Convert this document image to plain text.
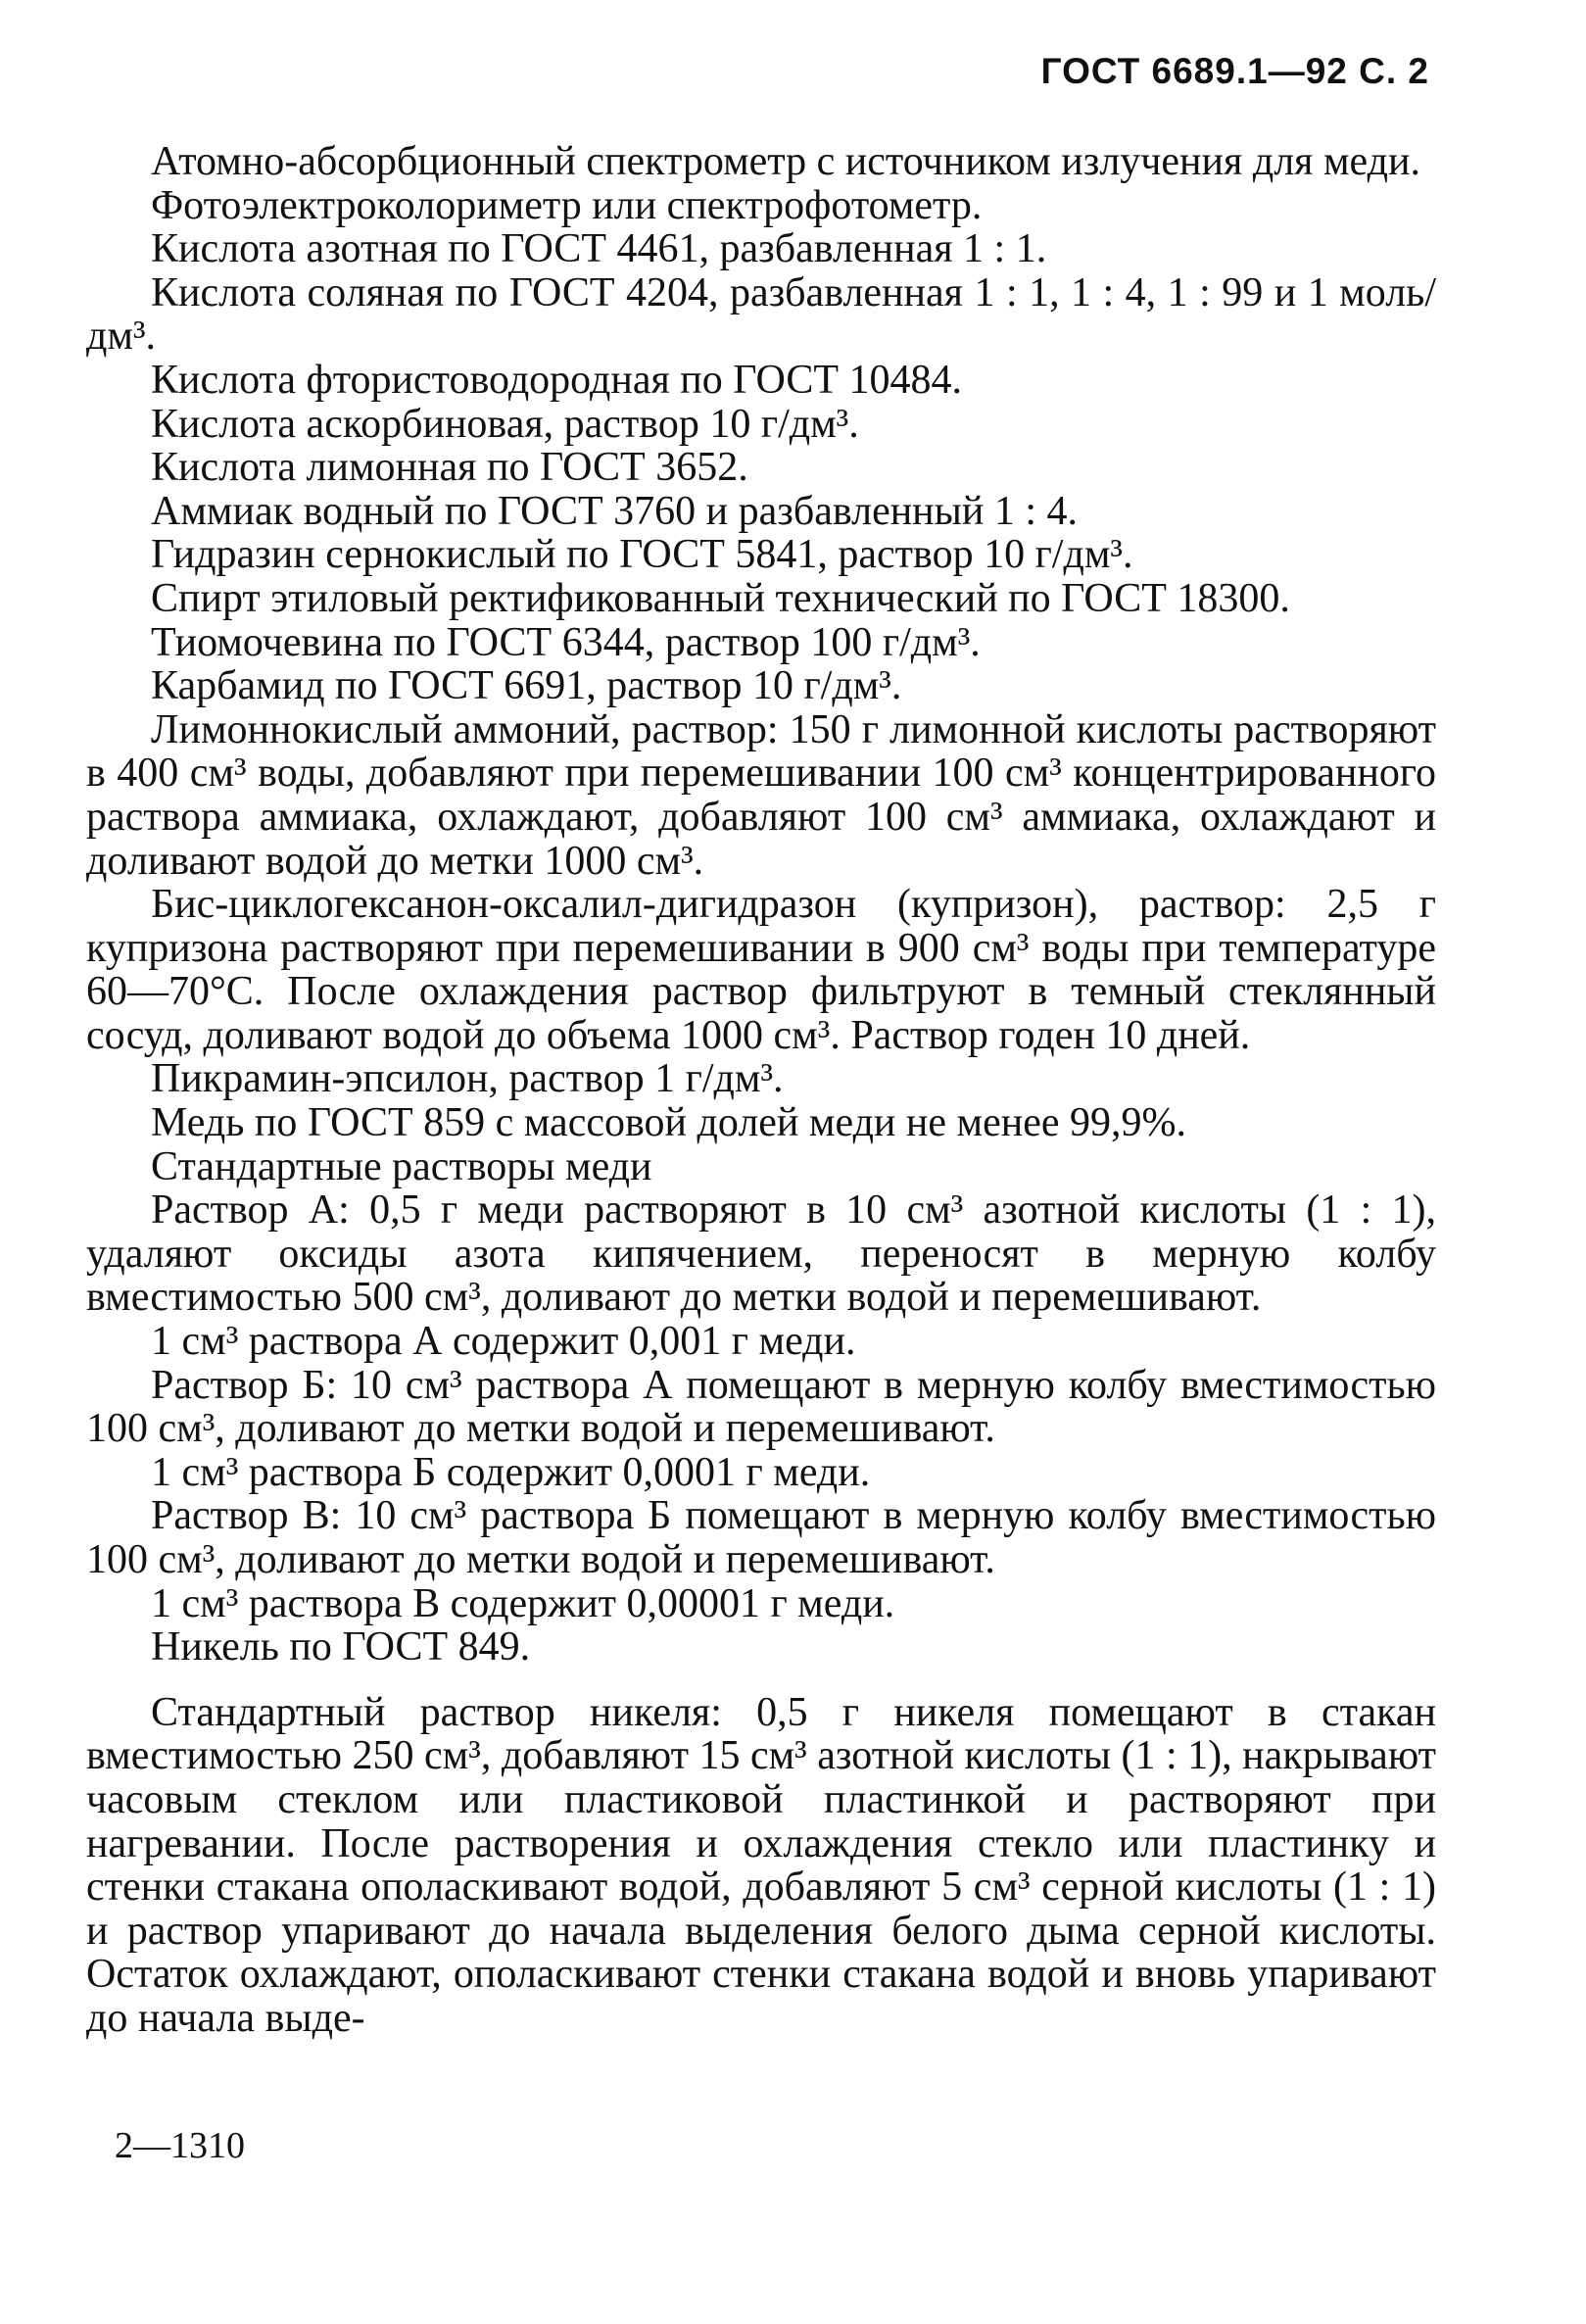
ГОСТ 6689.1—92 С. 2

Атомно-абсорбционный спектрометр с источником излучения для меди.

Фотоэлектроколориметр или спектрофотометр.

Кислота азотная по ГОСТ 4461, разбавленная 1 : 1.

Кислота соляная по ГОСТ 4204, разбавленная 1 : 1, 1 : 4, 1 : 99 и 1 моль/дм³.

Кислота фтористоводородная по ГОСТ 10484.

Кислота аскорбиновая, раствор 10 г/дм³.

Кислота лимонная по ГОСТ 3652.

Аммиак водный по ГОСТ 3760 и разбавленный 1 : 4.

Гидразин сернокислый по ГОСТ 5841, раствор 10 г/дм³.

Спирт этиловый ректификованный технический по ГОСТ 18300.

Тиомочевина по ГОСТ 6344, раствор 100 г/дм³.

Карбамид по ГОСТ 6691, раствор 10 г/дм³.

Лимоннокислый аммоний, раствор: 150 г лимонной кислоты растворяют в 400 см³ воды, добавляют при перемешивании 100 см³ концентрированного раствора аммиака, охлаждают, добавляют 100 см³ аммиака, охлаждают и доливают водой до метки 1000 см³.

Бис-циклогексанон-оксалил-дигидразон (купризон), раствор: 2,5 г купризона растворяют при перемешивании в 900 см³ воды при температуре 60—70°С. После охлаждения раствор фильтруют в темный стеклянный сосуд, доливают водой до объема 1000 см³. Раствор годен 10 дней.

Пикрамин-эпсилон, раствор 1 г/дм³.

Медь по ГОСТ 859 с массовой долей меди не менее 99,9%.

Стандартные растворы меди

Раствор А: 0,5 г меди растворяют в 10 см³ азотной кислоты (1 : 1), удаляют оксиды азота кипячением, переносят в мерную колбу вместимостью 500 см³, доливают до метки водой и перемешивают.

1 см³ раствора А содержит 0,001 г меди.

Раствор Б: 10 см³ раствора А помещают в мерную колбу вместимостью 100 см³, доливают до метки водой и перемешивают.

1 см³ раствора Б содержит 0,0001 г меди.

Раствор В: 10 см³ раствора Б помещают в мерную колбу вместимостью 100 см³, доливают до метки водой и перемешивают.

1 см³ раствора В содержит 0,00001 г меди.

Никель по ГОСТ 849.

Стандартный раствор никеля: 0,5 г никеля помещают в стакан вместимостью 250 см³, добавляют 15 см³ азотной кислоты (1 : 1), накрывают часовым стеклом или пластиковой пластинкой и растворяют при нагревании. После растворения и охлаждения стекло или пластинку и стенки стакана ополаскивают водой, добавляют 5 см³ серной кислоты (1 : 1) и раствор упаривают до начала выделения белого дыма серной кислоты. Остаток охлаждают, ополаскивают стенки стакана водой и вновь упаривают до начала выде-

2—1310
